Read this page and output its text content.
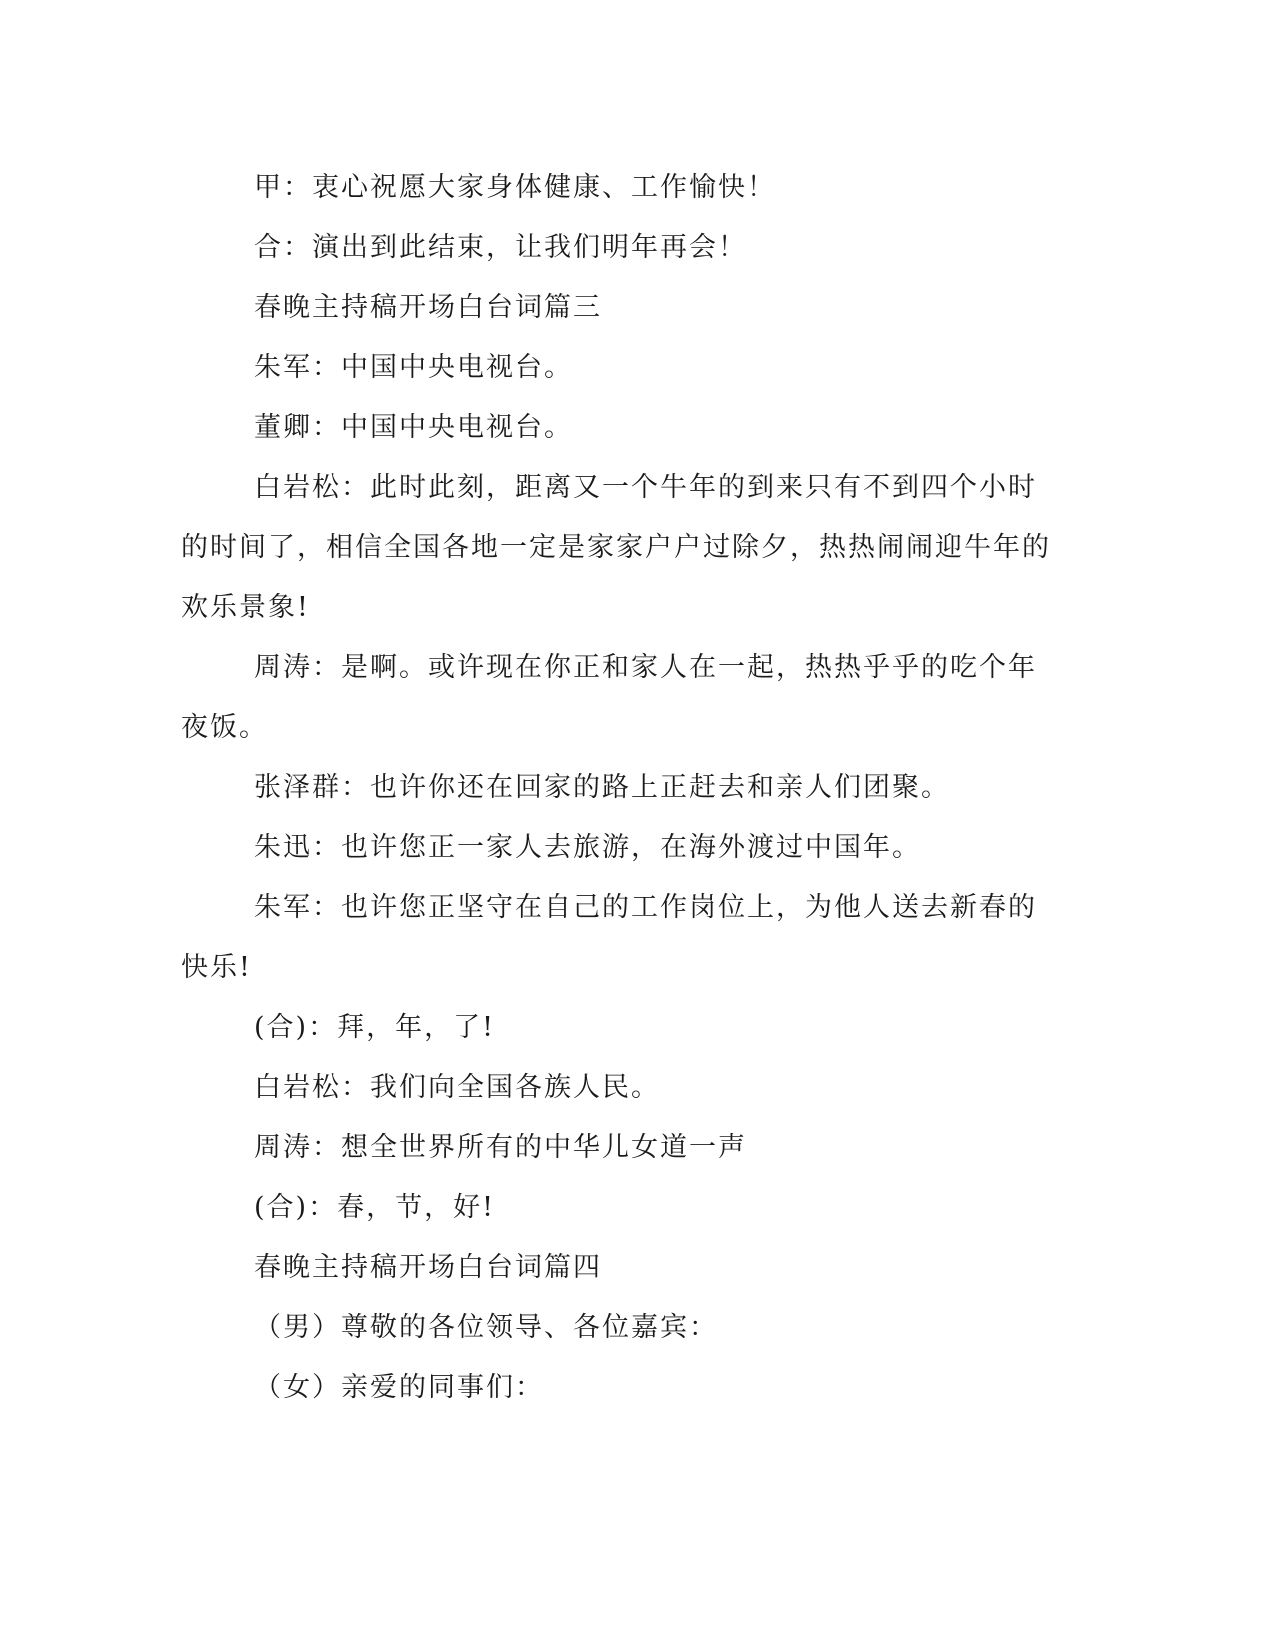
甲：衷心祝愿大家身体健康、工作愉快！

合：演出到此结束，让我们明年再会！

春晚主持稿开场白台词篇三

朱军：中国中央电视台。

董卿：中国中央电视台。

白岩松：此时此刻，距离又一个牛年的到来只有不到四个小时的时间了，相信全国各地一定是家家户户过除夕，热热闹闹迎牛年的欢乐景象!

周涛：是啊。或许现在你正和家人在一起，热热乎乎的吃个年夜饭。

张泽群：也许你还在回家的路上正赶去和亲人们团聚。

朱迅：也许您正一家人去旅游，在海外渡过中国年。

朱军：也许您正坚守在自己的工作岗位上，为他人送去新春的快乐!

(合)：拜，年，了!

白岩松：我们向全国各族人民。

周涛：想全世界所有的中华儿女道一声

(合)：春，节，好!

春晚主持稿开场白台词篇四

（男）尊敬的各位领导、各位嘉宾：

（女）亲爱的同事们：
